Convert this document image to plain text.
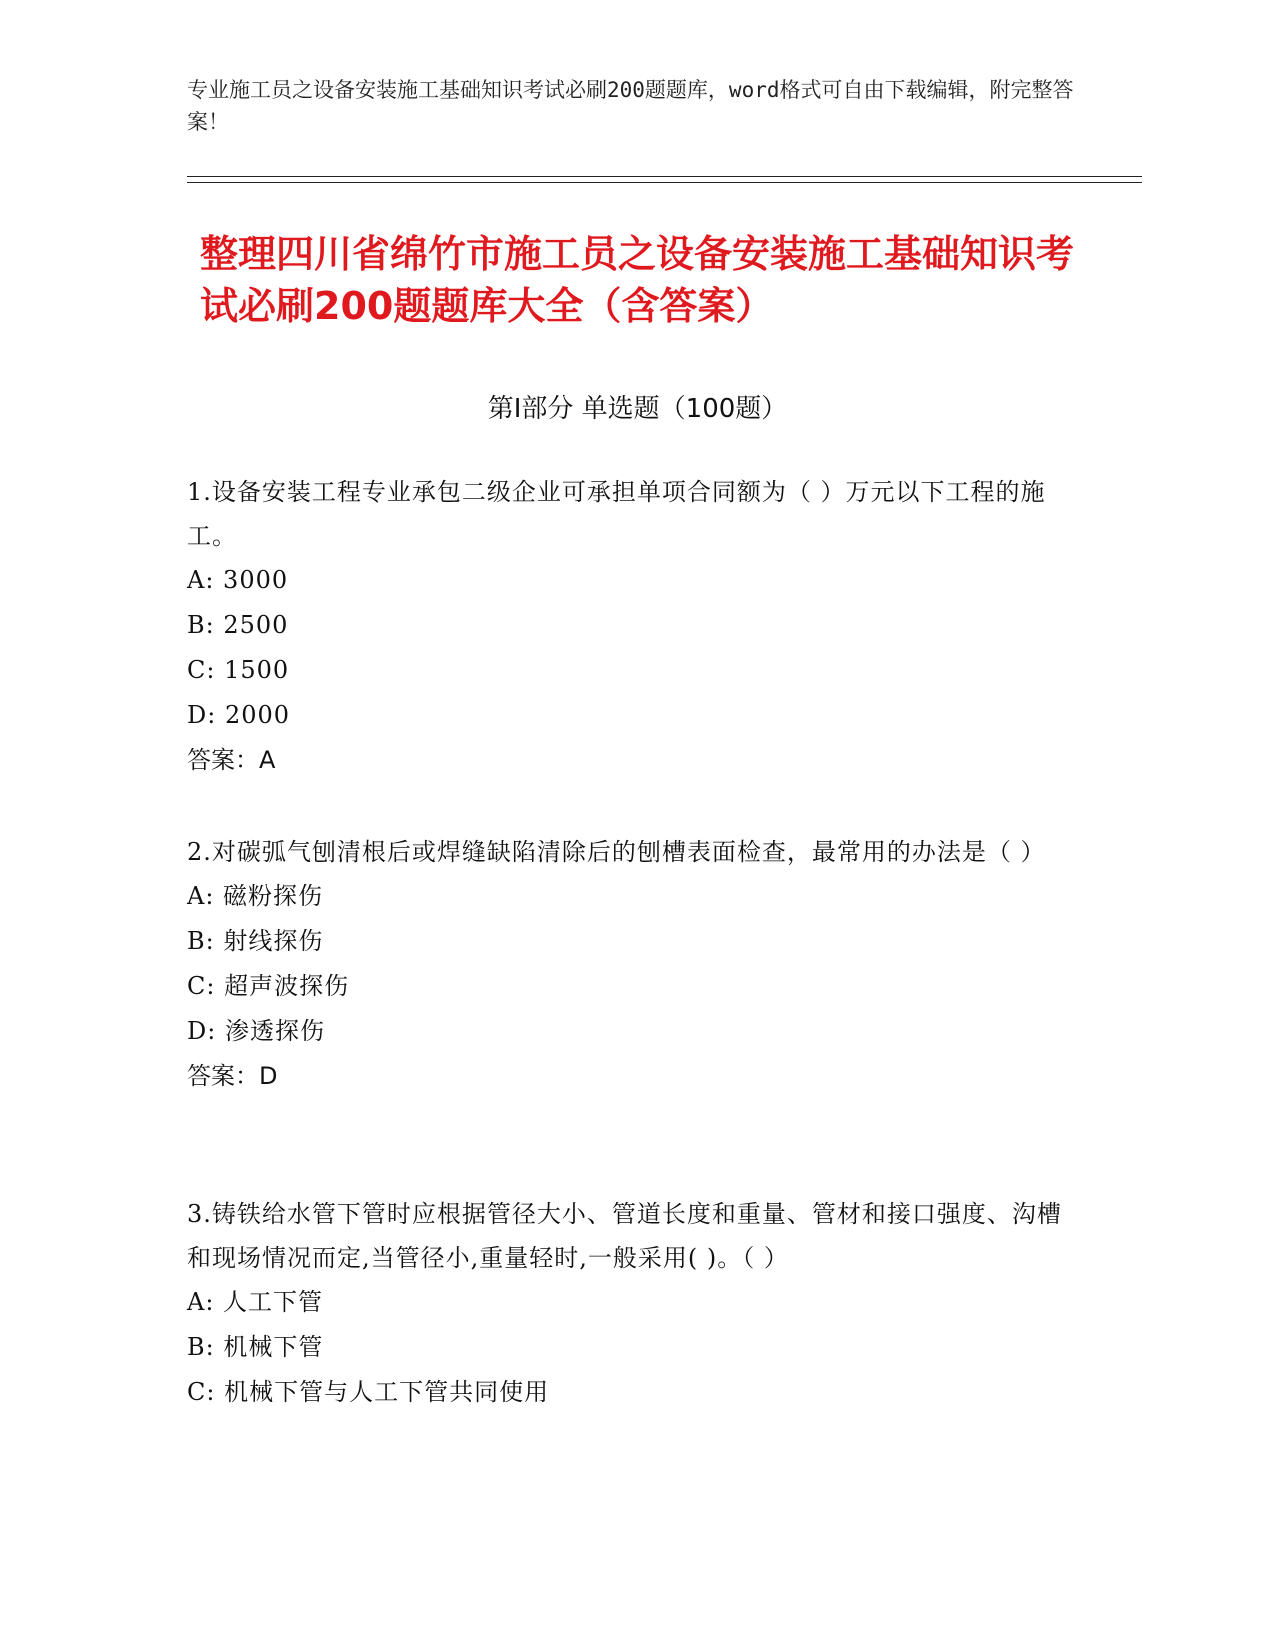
专业施工员之设备安装施工基础知识考试必刷200题题库，word格式可自由下载编辑，附完整答案！
整理四川省绵竹市施工员之设备安装施工基础知识考试必刷200题题库大全（含答案）
第Ⅰ部分 单选题（100题）

1.设备安装工程专业承包二级企业可承担单项合同额为（ ）万元以下工程的施工。

A: 3000
B: 2500
C: 1500
D: 2000
答案：A

2.对碳弧气刨清根后或焊缝缺陷清除后的刨槽表面检查，最常用的办法是（ ）

A: 磁粉探伤
B: 射线探伤
C: 超声波探伤
D: 渗透探伤
答案：D

3.铸铁给水管下管时应根据管径大小、管道长度和重量、管材和接口强度、沟槽和现场情况而定,当管径小,重量轻时,一般采用( )。（ ）

A: 人工下管
B: 机械下管
C: 机械下管与人工下管共同使用
